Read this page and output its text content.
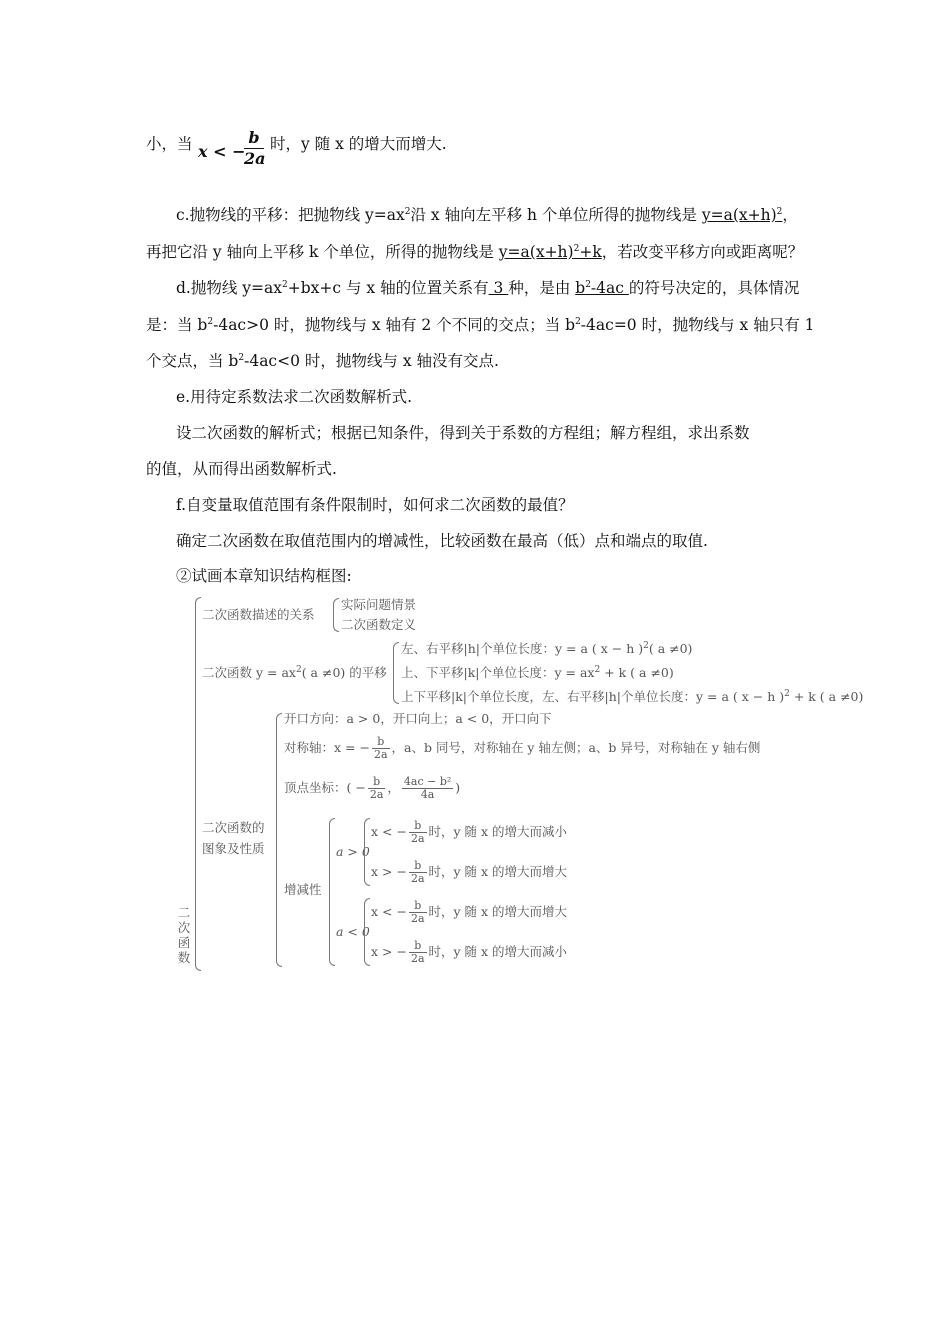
小，当 x < −
$\frac{b}{2a}$ 时，y 随 x 的增大而增大.
c.抛物线的平移：把抛物线 $y=ax^2$沿 x 轴向左平移 h 个单位所得的抛物线是 $y=a(x+h)^2$，
再把它沿 y 轴向上平移 k 个单位，所得的抛物线是 $y=a(x+h)^2+k$，若改变平移方向或距离呢？
d.抛物线 $y=ax^2+bx+c$ 与 x 轴的位置关系有 3 种，是由 $b^2-4ac$ 的符号决定的，具体情况
是：当 $b^2-4ac>0$ 时，抛物线与 x 轴有 2 个不同的交点；当 $b^2-4ac=0$ 时，抛物线与 x 轴只有 1
个交点，当 $b^2-4ac<0$ 时，抛物线与 x 轴没有交点.
e.用待定系数法求二次函数解析式.
设二次函数的解析式；根据已知条件，得到关于系数的方程组；解方程组，求出系数
的值，从而得出函数解析式.
f.自变量取值范围有条件限制时，如何求二次函数的最值？
确定二次函数在取值范围内的增减性，比较函数在最高（低）点和端点的取值.
②试画本章知识结构框图:
二
次
函
数
二次函数描述的关系
实际问题情景
二次函数定义
二次函数 $y = ax^2$( a ≠0) 的平移
左、右平移|h|个单位长度：y = a ( x − h )$^2$( a ≠0)
上、下平移|k|个单位长度：$y = ax^2 + k$ ( a ≠0)
上下平移|k|个单位长度，左、右平移|h|个单位长度：y = a ( x − h )$^2$ + k ( a ≠0)
二次函数的
图象及性质
开口方向：a > 0，开口向上；a < 0，开口向下
对称轴：x = − $\frac{b}{2a}$ ，a、b 同号，对称轴在 y 轴左侧；a、b 异号，对称轴在 y 轴右侧
顶点坐标：( − $\frac{b}{2a}$ ， $\frac{\text{4ac − b²}}{4a}$ )
增减性
a > 0
x < − $\frac{b}{2a}$ 时，y 随 x 的增大而减小
x > − $\frac{b}{2a}$ 时，y 随 x 的增大而增大
a < 0
x < − $\frac{b}{2a}$ 时，y 随 x 的增大而增大
x > − $\frac{b}{2a}$ 时，y 随 x 的增大而减小
